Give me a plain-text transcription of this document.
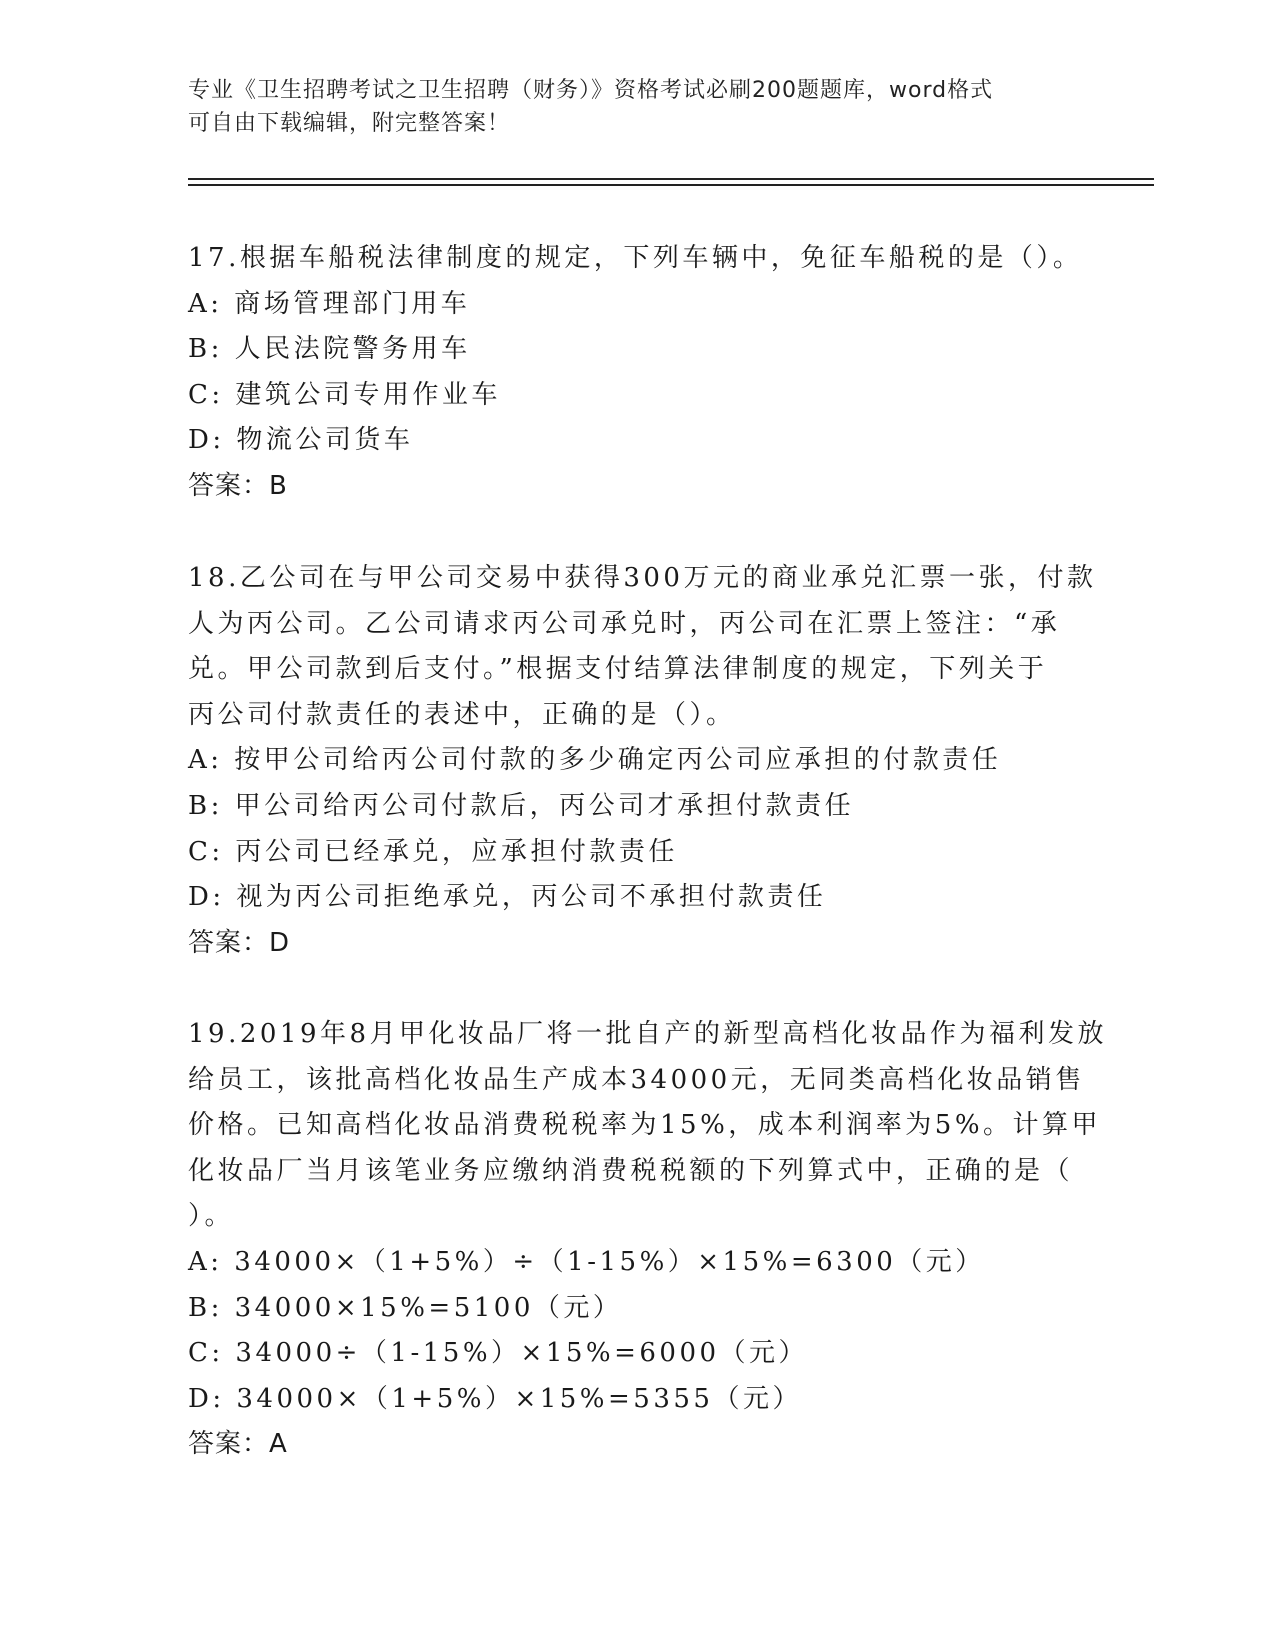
专业《卫生招聘考试之卫生招聘（财务）》资格考试必刷200题题库，word格式
可自由下载编辑，附完整答案！
17.根据车船税法律制度的规定，下列车辆中，免征车船税的是（）。
A: 商场管理部门用车
B: 人民法院警务用车
C: 建筑公司专用作业车
D: 物流公司货车
答案：B
18.乙公司在与甲公司交易中获得300万元的商业承兑汇票一张，付款
人为丙公司。乙公司请求丙公司承兑时，丙公司在汇票上签注：“承
兑。甲公司款到后支付。”根据支付结算法律制度的规定，下列关于
丙公司付款责任的表述中，正确的是（）。
A: 按甲公司给丙公司付款的多少确定丙公司应承担的付款责任
B: 甲公司给丙公司付款后，丙公司才承担付款责任
C: 丙公司已经承兑，应承担付款责任
D: 视为丙公司拒绝承兑，丙公司不承担付款责任
答案：D
19.2019年8月甲化妆品厂将一批自产的新型高档化妆品作为福利发放
给员工，该批高档化妆品生产成本34000元，无同类高档化妆品销售
价格。已知高档化妆品消费税税率为15%，成本利润率为5%。计算甲
化妆品厂当月该笔业务应缴纳消费税税额的下列算式中，正确的是（
）。
A: 34000×（1+5%）÷（1-15%）×15%=6300（元）
B: 34000×15%=5100（元）
C: 34000÷（1-15%）×15%=6000（元）
D: 34000×（1+5%）×15%=5355（元）
答案：A
